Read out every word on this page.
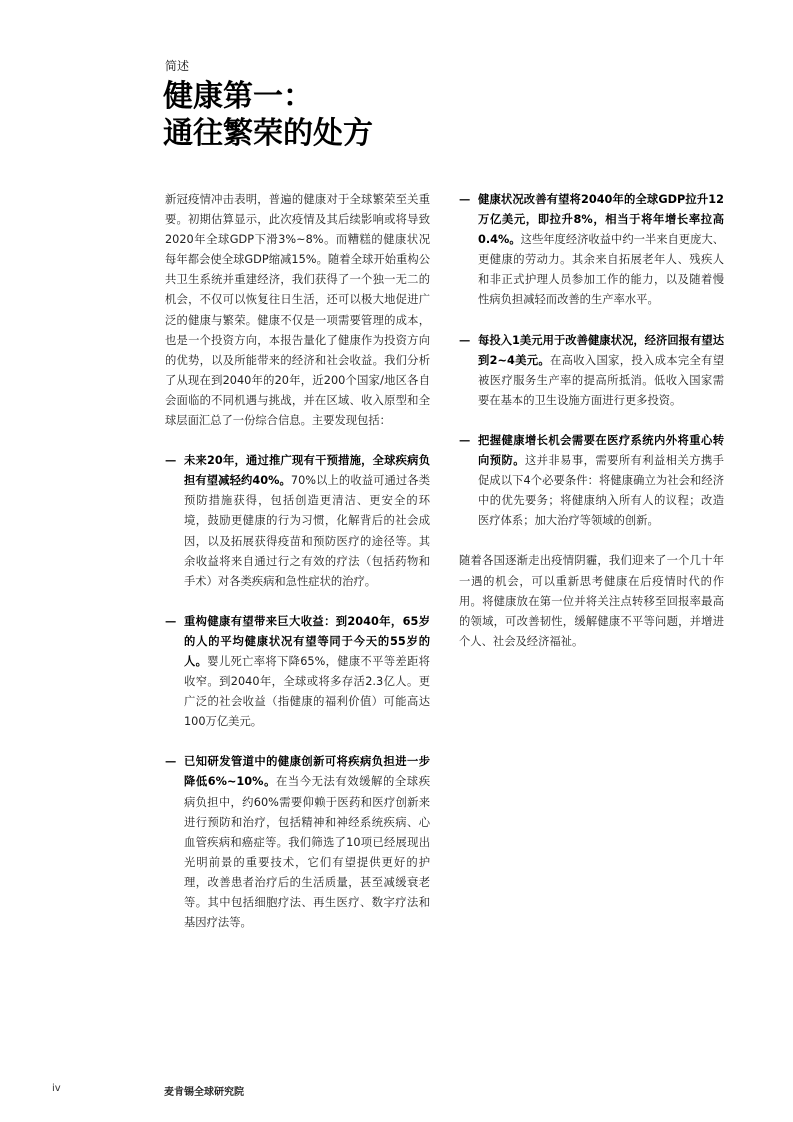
简述
健康第一：
通往繁荣的处方

新冠疫情冲击表明，普遍的健康对于全球繁荣至关重要。初期估算显示，此次疫情及其后续影响或将导致2020年全球GDP下滑3%~8%。而糟糕的健康状况每年都会使全球GDP缩减15%。随着全球开始重构公共卫生系统并重建经济，我们获得了一个独一无二的机会，不仅可以恢复往日生活，还可以极大地促进广泛的健康与繁荣。健康不仅是一项需要管理的成本，也是一个投资方向，本报告量化了健康作为投资方向的优势，以及所能带来的经济和社会收益。我们分析了从现在到2040年的20年，近200个国家/地区各自会面临的不同机遇与挑战，并在区域、收入原型和全球层面汇总了一份综合信息。主要发现包括：

— 未来20年，通过推广现有干预措施，全球疾病负担有望减轻约40%。70%以上的收益可通过各类预防措施获得，包括创造更清洁、更安全的环境，鼓励更健康的行为习惯，化解背后的社会成因，以及拓展获得疫苗和预防医疗的途径等。其余收益将来自通过行之有效的疗法（包括药物和手术）对各类疾病和急性症状的治疗。
— 重构健康有望带来巨大收益：到2040年，65岁的人的平均健康状况有望等同于今天的55岁的人。婴儿死亡率将下降65%，健康不平等差距将收窄。到2040年，全球或将多存活2.3亿人。更广泛的社会收益（指健康的福利价值）可能高达100万亿美元。
— 已知研发管道中的健康创新可将疾病负担进一步降低6%~10%。在当今无法有效缓解的全球疾病负担中，约60%需要仰赖于医药和医疗创新来进行预防和治疗，包括精神和神经系统疾病、心血管疾病和癌症等。我们筛选了10项已经展现出光明前景的重要技术，它们有望提供更好的护理，改善患者治疗后的生活质量，甚至减缓衰老等。其中包括细胞疗法、再生医疗、数字疗法和基因疗法等。
— 健康状况改善有望将2040年的全球GDP拉升12万亿美元，即拉升8%，相当于将年增长率拉高0.4%。这些年度经济收益中约一半来自更庞大、更健康的劳动力。其余来自拓展老年人、残疾人和非正式护理人员参加工作的能力，以及随着慢性病负担减轻而改善的生产率水平。
— 每投入1美元用于改善健康状况，经济回报有望达到2~4美元。在高收入国家，投入成本完全有望被医疗服务生产率的提高所抵消。低收入国家需要在基本的卫生设施方面进行更多投资。
— 把握健康增长机会需要在医疗系统内外将重心转向预防。这并非易事，需要所有利益相关方携手促成以下4个必要条件：将健康确立为社会和经济中的优先要务；将健康纳入所有人的议程；改造医疗体系；加大治疗等领域的创新。

随着各国逐渐走出疫情阴霾，我们迎来了一个几十年一遇的机会，可以重新思考健康在后疫情时代的作用。将健康放在第一位并将关注点转移至回报率最高的领域，可改善韧性，缓解健康不平等问题，并增进个人、社会及经济福祉。

iv	麦肯锡全球研究院
